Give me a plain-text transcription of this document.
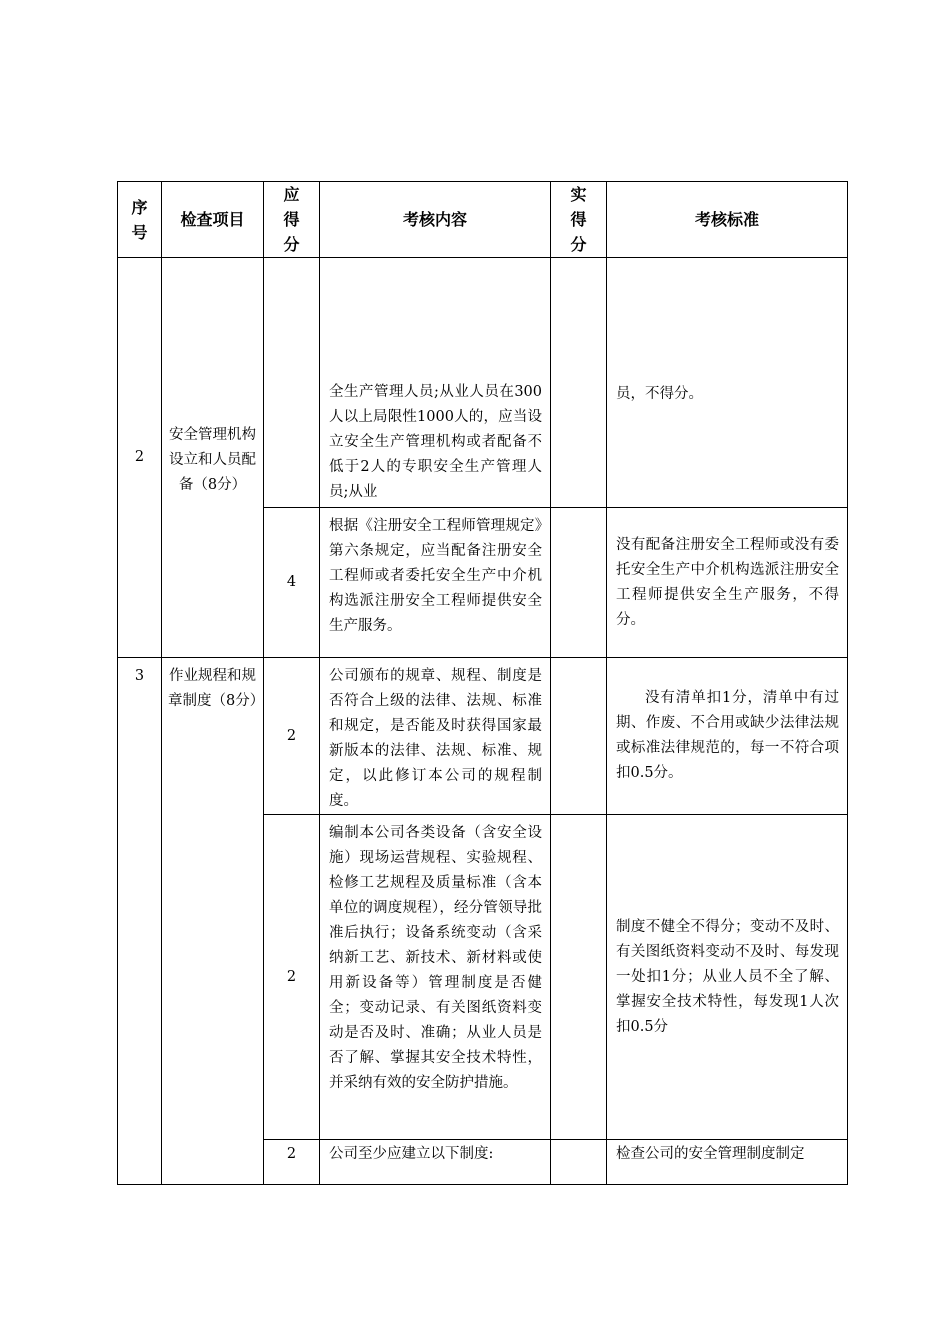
序号	检查项目	应得分	考核内容	实得分	考核标准
2	安全管理机构设立和人员配备（8分）		全生产管理人员;从业人员在300人以上局限性1000人的，应当设立安全生产管理机构或者配备不低于2人的专职安全生产管理人员;从业		员，不得分。
		4	根据《注册安全工程师管理规定》第六条规定，应当配备注册安全工程师或者委托安全生产中介机构选派注册安全工程师提供安全生产服务。		没有配备注册安全工程师或没有委托安全生产中介机构选派注册安全工程师提供安全生产服务，不得分。
3	作业规程和规章制度（8分）	2	公司颁布的规章、规程、制度是否符合上级的法律、法规、标准和规定，是否能及时获得国家最新版本的法律、法规、标准、规定，以此修订本公司的规程制度。		没有清单扣1分，清单中有过期、作废、不合用或缺少法律法规或标准法律规范的，每一不符合项扣0.5分。
		2	编制本公司各类设备（含安全设施）现场运营规程、实验规程、检修工艺规程及质量标准（含本单位的调度规程），经分管领导批准后执行；设备系统变动（含采纳新工艺、新技术、新材料或使用新设备等）管理制度是否健全；变动记录、有关图纸资料变动是否及时、准确；从业人员是否了解、掌握其安全技术特性，并采纳有效的安全防护措施。		制度不健全不得分；变动不及时、有关图纸资料变动不及时、每发现一处扣1分；从业人员不全了解、掌握安全技术特性，每发现1人次扣0.5分
		2	公司至少应建立以下制度:		检查公司的安全管理制度制定
